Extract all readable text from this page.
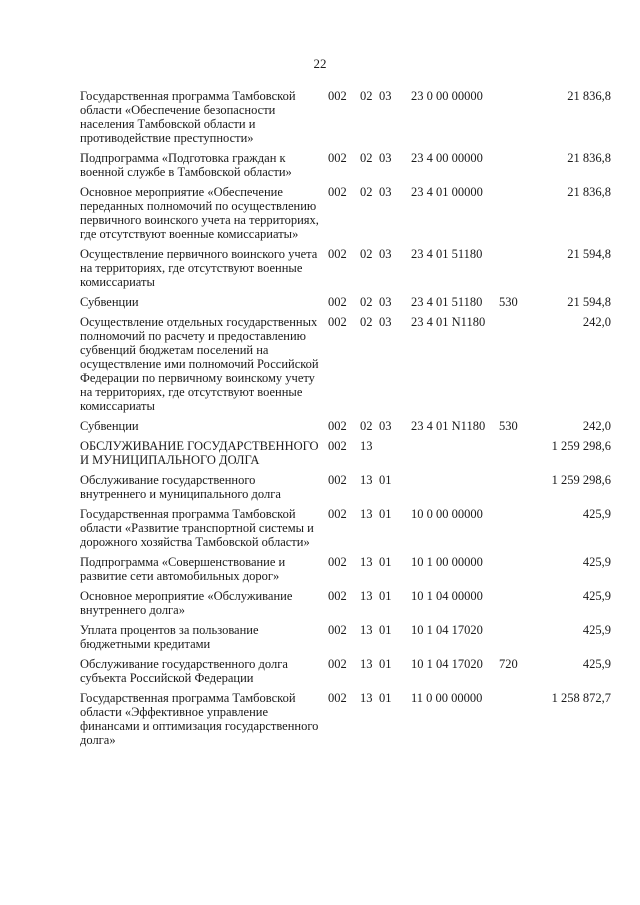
22
Государственная программа Тамбовской области «Обеспечение безопасности населения Тамбовской области и противодействие преступности»	002	02	03	23 0 00 00000		21 836,8
Подпрограмма «Подготовка граждан к военной службе в Тамбовской области»	002	02	03	23 4 00 00000		21 836,8
Основное мероприятие «Обеспечение переданных полномочий по осуществлению первичного воинского учета на территориях, где отсутствуют военные комиссариаты»	002	02	03	23 4 01 00000		21 836,8
Осуществление первичного воинского учета на территориях, где отсутствуют военные комиссариаты	002	02	03	23 4 01 51180		21 594,8
Субвенции	002	02	03	23 4 01 51180	530	21 594,8
Осуществление отдельных государственных полномочий по расчету и предоставлению субвенций бюджетам поселений на осуществление ими полномочий Российской Федерации по первичному воинскому учету на территориях, где отсутствуют военные комиссариаты	002	02	03	23 4 01 N1180		242,0
Субвенции	002	02	03	23 4 01 N1180	530	242,0
ОБСЛУЖИВАНИЕ ГОСУДАРСТВЕННОГО И МУНИЦИПАЛЬНОГО ДОЛГА	002	13				1 259 298,6
Обслуживание государственного внутреннего и муниципального долга	002	13	01			1 259 298,6
Государственная программа Тамбовской области «Развитие транспортной системы и дорожного хозяйства Тамбовской области»	002	13	01	10 0 00 00000		425,9
Подпрограмма «Совершенствование и развитие сети автомобильных дорог»	002	13	01	10 1 00 00000		425,9
Основное мероприятие «Обслуживание внутреннего долга»	002	13	01	10 1 04 00000		425,9
Уплата процентов за пользование бюджетными кредитами	002	13	01	10 1 04 17020		425,9
Обслуживание государственного долга субъекта Российской Федерации	002	13	01	10 1 04 17020	720	425,9
Государственная программа Тамбовской области «Эффективное управление финансами и оптимизация государственного долга»	002	13	01	11 0 00 00000		1 258 872,7
